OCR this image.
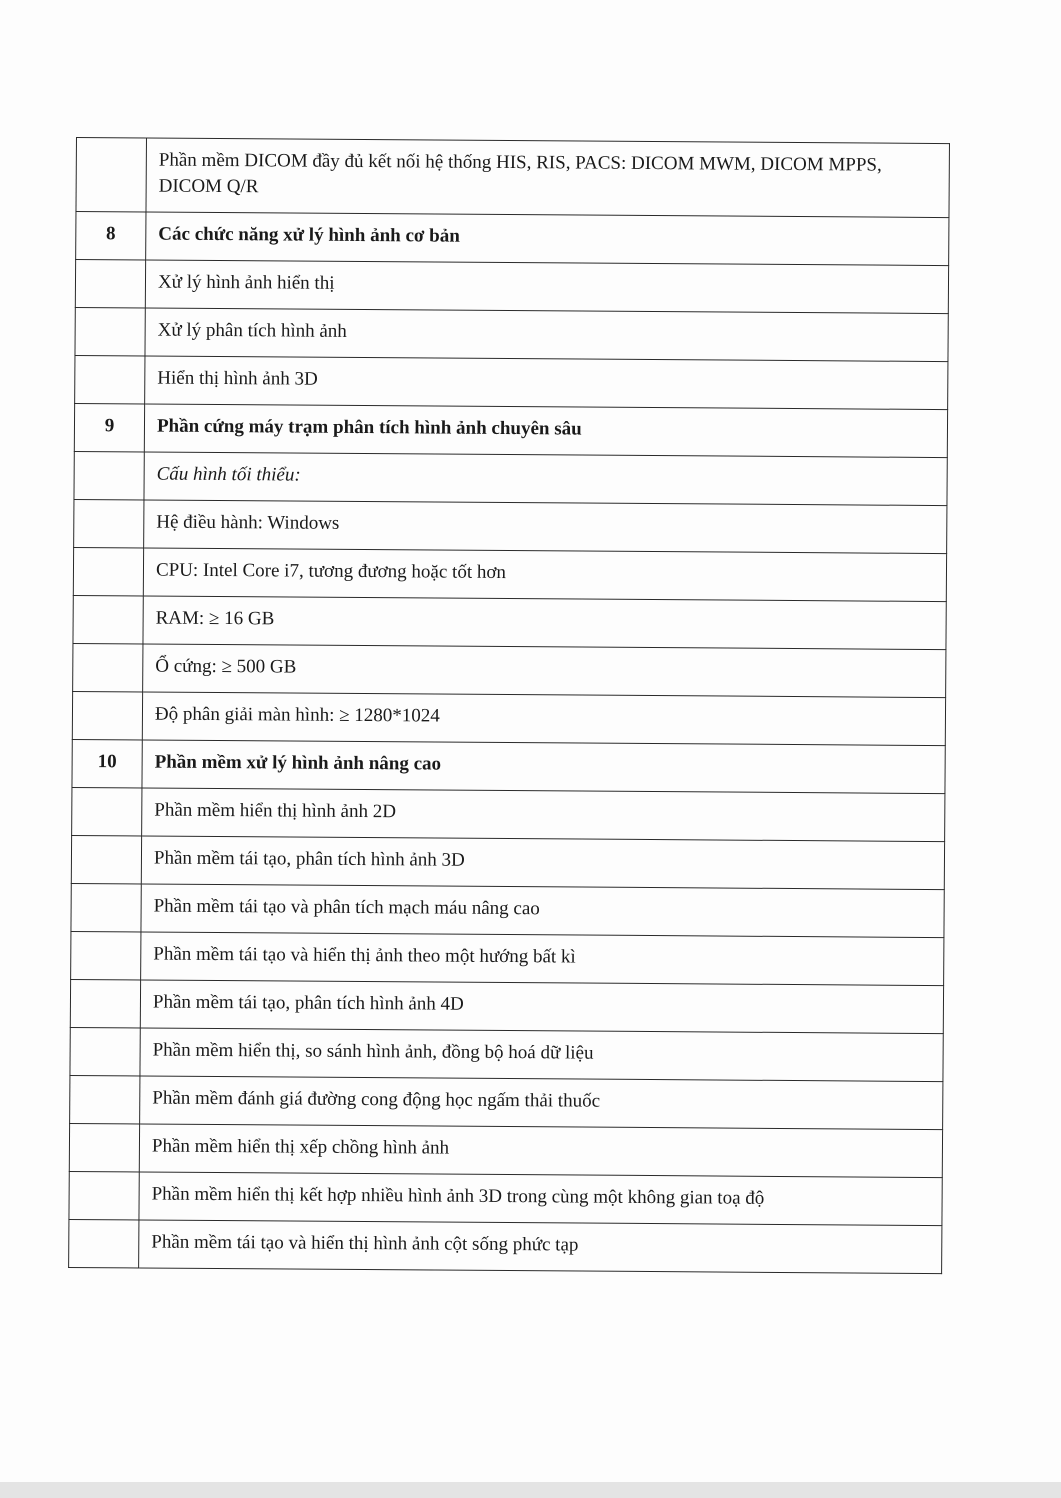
	Phần mềm DICOM đầy đủ kết nối hệ thống HIS, RIS, PACS: DICOM MWM, DICOM MPPS, DICOM Q/R
8	Các chức năng xử lý hình ảnh cơ bản
	Xử lý hình ảnh hiển thị
	Xử lý phân tích hình ảnh
	Hiển thị hình ảnh 3D
9	Phần cứng máy trạm phân tích hình ảnh chuyên sâu
	Cấu hình tối thiểu:
	Hệ điều hành: Windows
	CPU: Intel Core i7, tương đương hoặc tốt hơn
	RAM: ≥ 16 GB
	Ổ cứng: ≥ 500 GB
	Độ phân giải màn hình: ≥ 1280*1024
10	Phần mềm xử lý hình ảnh nâng cao
	Phần mềm hiển thị hình ảnh 2D
	Phần mềm tái tạo, phân tích hình ảnh 3D
	Phần mềm tái tạo và phân tích mạch máu nâng cao
	Phần mềm tái tạo và hiển thị ảnh theo một hướng bất kì
	Phần mềm tái tạo, phân tích hình ảnh 4D
	Phần mềm hiển thị, so sánh hình ảnh, đồng bộ hoá dữ liệu
	Phần mềm đánh giá đường cong động học ngấm thải thuốc
	Phần mềm hiển thị xếp chồng hình ảnh
	Phần mềm hiển thị kết hợp nhiều hình ảnh 3D trong cùng một không gian toạ độ
	Phần mềm tái tạo và hiển thị hình ảnh cột sống phức tạp
